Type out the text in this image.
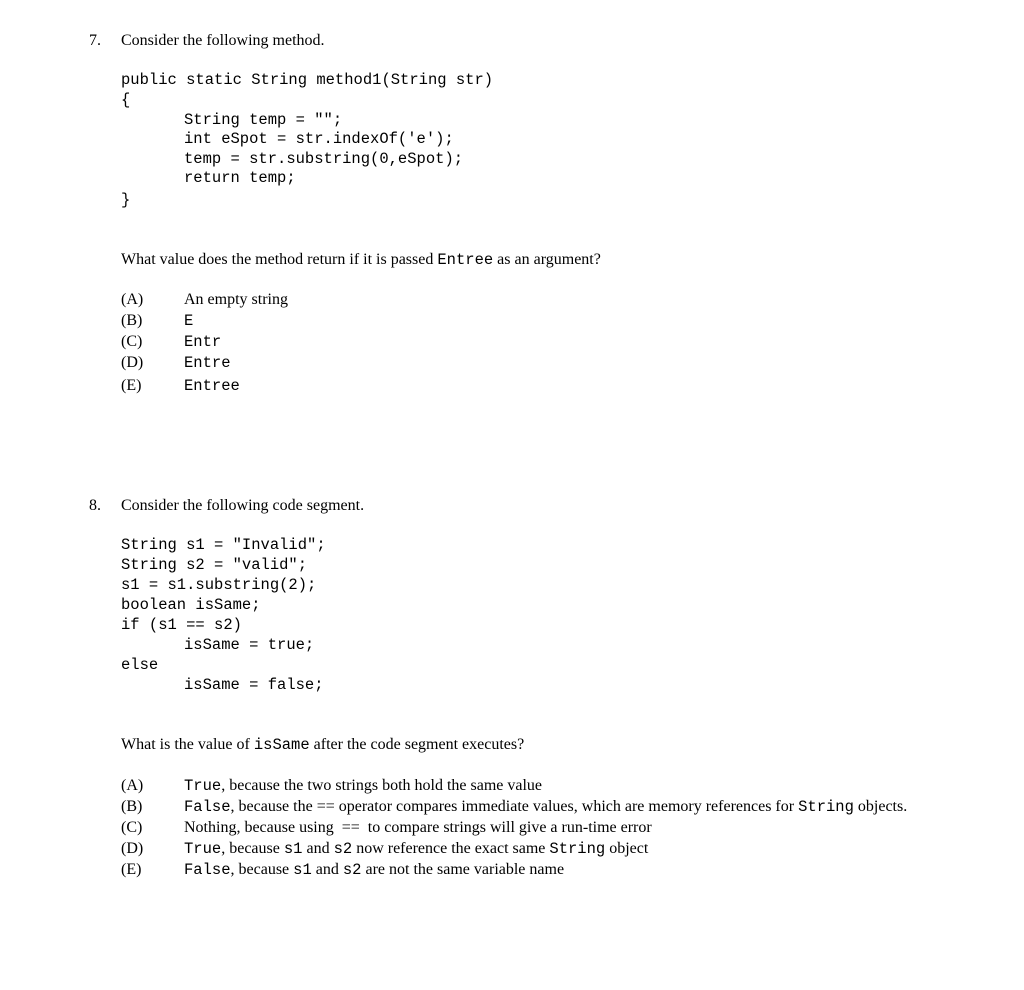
7. Consider the following method.
public static String method1(String str)
{
String temp = "";
int eSpot = str.indexOf('e');
temp = str.substring(0,eSpot);
return temp;
}
What value does the method return if it is passed Entree as an argument?
(A)	An empty string
(B)	E
(C)	Entr
(D)	Entre
(E)	Entree
8. Consider the following code segment.
String s1 = "Invalid";
String s2 = "valid";
s1 = s1.substring(2);
boolean isSame;
if (s1 == s2)
isSame = true;
else
isSame = false;
What is the value of isSame after the code segment executes?
(A)	True, because the two strings both hold the same value
(B)	False, because the == operator compares immediate values, which are memory references for String objects.
(C)	Nothing, because using  ==  to compare strings will give a run-time error
(D)	True, because s1 and s2 now reference the exact same String object
(E)	False, because s1 and s2 are not the same variable name
